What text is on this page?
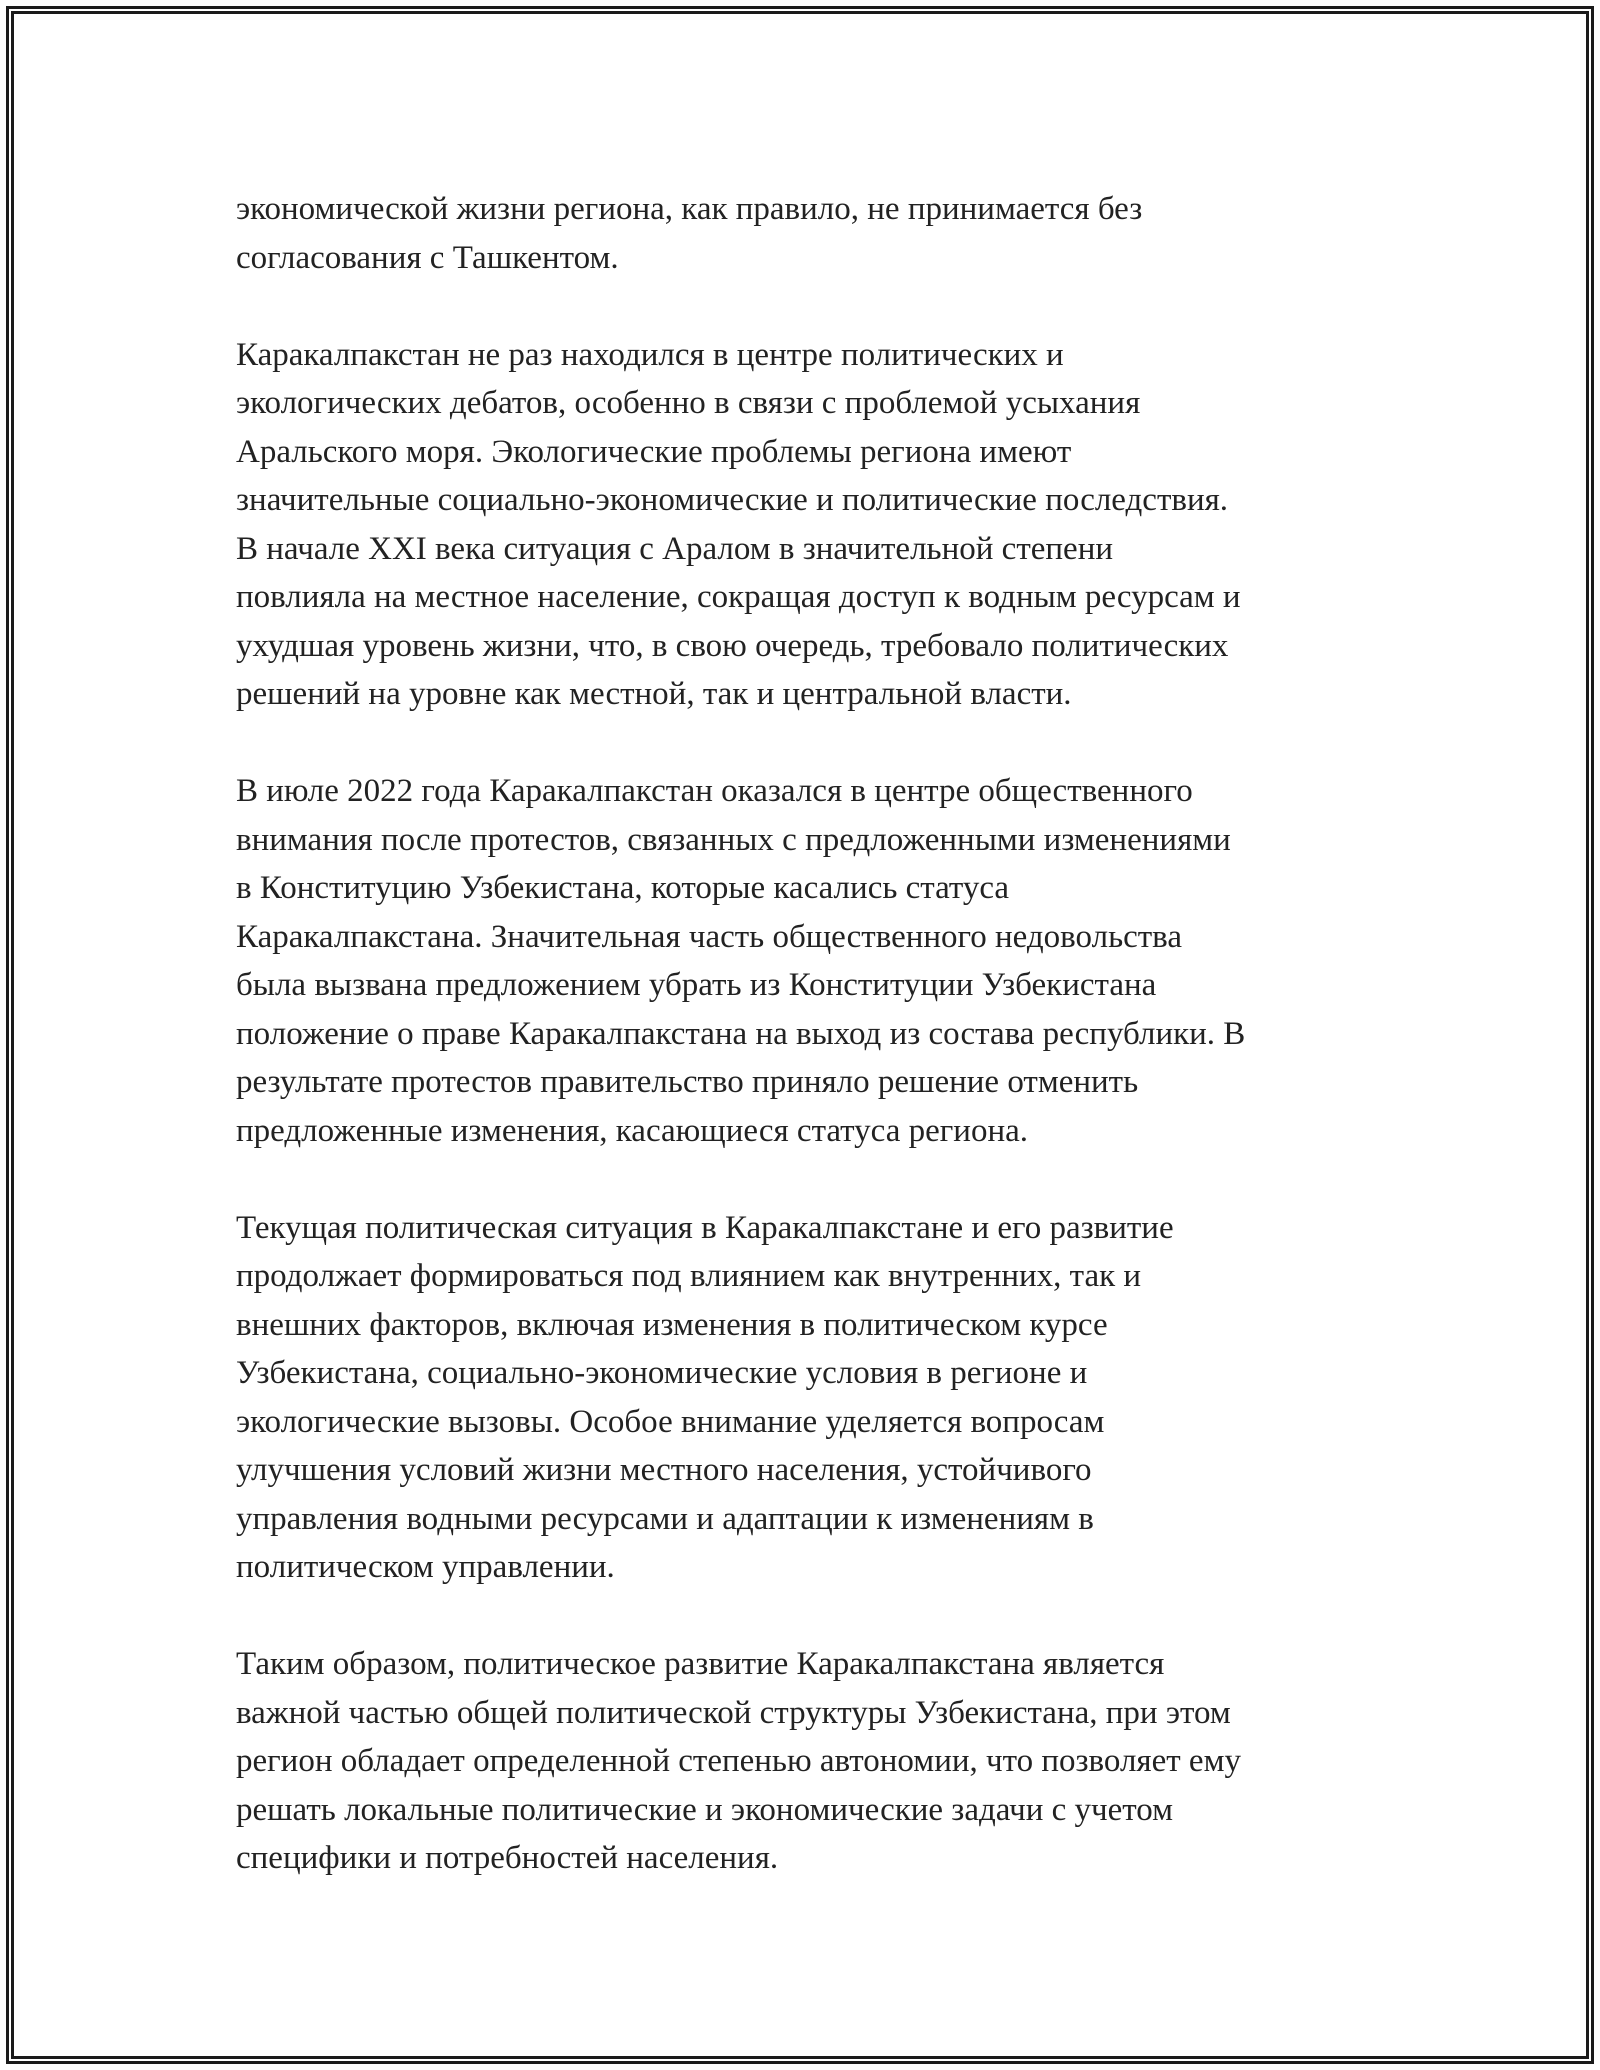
экономической жизни региона, как правило, не принимается без
согласования с Ташкентом.

Каракалпакстан не раз находился в центре политических и
экологических дебатов, особенно в связи с проблемой усыхания
Аральского моря. Экологические проблемы региона имеют
значительные социально-экономические и политические последствия.
В начале XXI века ситуация с Аралом в значительной степени
повлияла на местное население, сокращая доступ к водным ресурсам и
ухудшая уровень жизни, что, в свою очередь, требовало политических
решений на уровне как местной, так и центральной власти.

В июле 2022 года Каракалпакстан оказался в центре общественного
внимания после протестов, связанных с предложенными изменениями
в Конституцию Узбекистана, которые касались статуса
Каракалпакстана. Значительная часть общественного недовольства
была вызвана предложением убрать из Конституции Узбекистана
положение о праве Каракалпакстана на выход из состава республики. В
результате протестов правительство приняло решение отменить
предложенные изменения, касающиеся статуса региона.

Текущая политическая ситуация в Каракалпакстане и его развитие
продолжает формироваться под влиянием как внутренних, так и
внешних факторов, включая изменения в политическом курсе
Узбекистана, социально-экономические условия в регионе и
экологические вызовы. Особое внимание уделяется вопросам
улучшения условий жизни местного населения, устойчивого
управления водными ресурсами и адаптации к изменениям в
политическом управлении.

Таким образом, политическое развитие Каракалпакстана является
важной частью общей политической структуры Узбекистана, при этом
регион обладает определенной степенью автономии, что позволяет ему
решать локальные политические и экономические задачи с учетом
специфики и потребностей населения.
